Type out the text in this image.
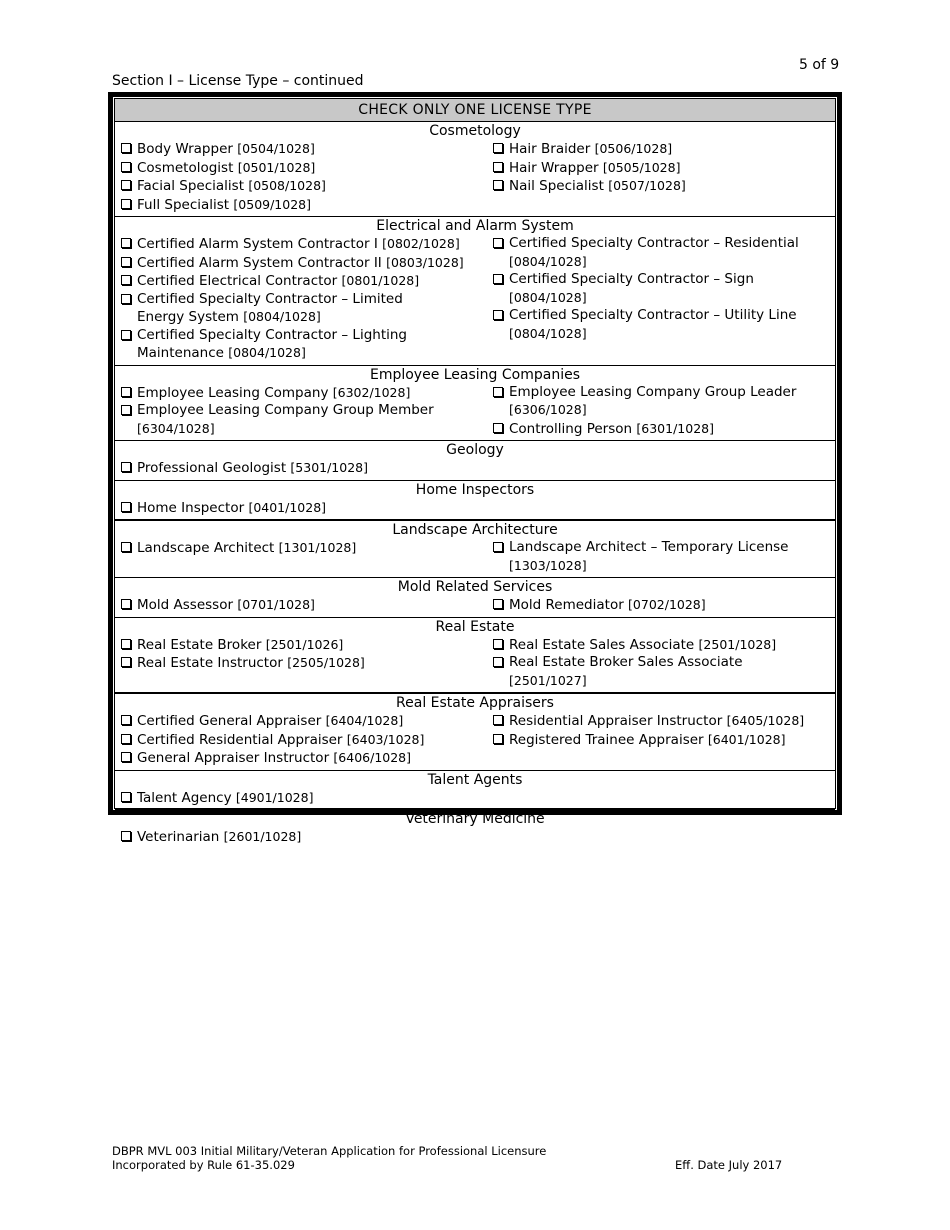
5 of 9
Section I – License Type – continued
CHECK ONLY ONE LICENSE TYPE
Cosmetology
Body Wrapper [0504/1028]
Cosmetologist [0501/1028]
Facial Specialist [0508/1028]
Full Specialist [0509/1028]
Hair Braider [0506/1028]
Hair Wrapper [0505/1028]
Nail Specialist [0507/1028]
Electrical and Alarm System
Certified Alarm System Contractor I [0802/1028]
Certified Alarm System Contractor II [0803/1028]
Certified Electrical Contractor [0801/1028]
Certified Specialty Contractor – Limited
Energy System [0804/1028]
Certified Specialty Contractor – Lighting
Maintenance [0804/1028]
Certified Specialty Contractor – Residential
[0804/1028]
Certified Specialty Contractor – Sign
[0804/1028]
Certified Specialty Contractor – Utility Line
[0804/1028]
Employee Leasing Companies
Employee Leasing Company [6302/1028]
Employee Leasing Company Group Member
[6304/1028]
Employee Leasing Company Group Leader
[6306/1028]
Controlling Person [6301/1028]
Geology
Professional Geologist [5301/1028]
Home Inspectors
Home Inspector [0401/1028]
Landscape Architecture
Landscape Architect [1301/1028]	Landscape Architect – Temporary License
[1303/1028]
Mold Related Services
Mold Assessor [0701/1028]	Mold Remediator [0702/1028]
Real Estate
Real Estate Broker [2501/1026]
Real Estate Instructor [2505/1028]
Real Estate Sales Associate [2501/1028]
Real Estate Broker Sales Associate
[2501/1027]
Real Estate Appraisers
Certified General Appraiser [6404/1028]
Certified Residential Appraiser [6403/1028]
General Appraiser Instructor [6406/1028]
Residential Appraiser Instructor [6405/1028]
Registered Trainee Appraiser [6401/1028]
Talent Agents
Talent Agency [4901/1028]
Veterinary Medicine
Veterinarian [2601/1028]
DBPR MVL 003 Initial Military/Veteran Application for Professional Licensure
Incorporated by Rule 61-35.029	Eff. Date July 2017
